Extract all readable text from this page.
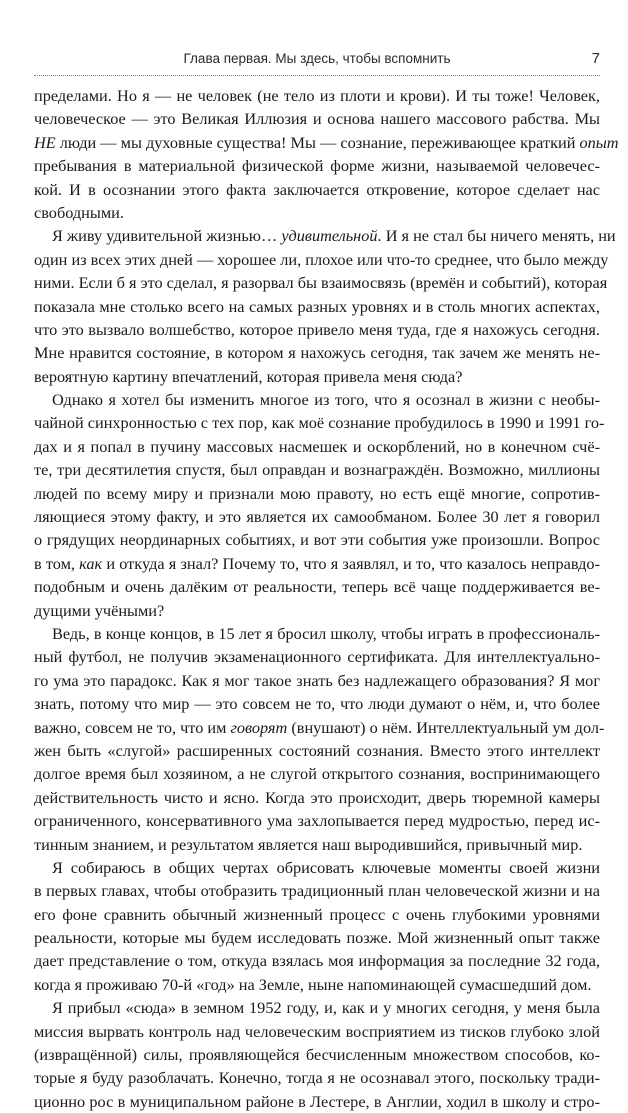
Глава первая. Мы здесь, чтобы вспомнить	7
пределами. Но я — не человек (не тело из плоти и крови). И ты тоже! Человек,
человеческое — это Великая Иллюзия и основа нашего массового рабства. Мы
НЕ люди — мы духовные существа! Мы — сознание, переживающее краткий опыт
пребывания в материальной физической форме жизни, называемой человечес-
кой. И в осознании этого факта заключается откровение, которое сделает нас
свободными.
Я живу удивительной жизнью… удивительной. И я не стал бы ничего менять, ни
один из всех этих дней — хорошее ли, плохое или что-то среднее, что было между
ними. Если б я это сделал, я разорвал бы взаимосвязь (времён и событий), которая
показала мне столько всего на самых разных уровнях и в столь многих аспектах,
что это вызвало волшебство, которое привело меня туда, где я нахожусь сегодня.
Мне нравится состояние, в котором я нахожусь сегодня, так зачем же менять не-
вероятную картину впечатлений, которая привела меня сюда?
Однако я хотел бы изменить многое из того, что я осознал в жизни с необы-
чайной синхронностью с тех пор, как моё сознание пробудилось в 1990 и 1991 го-
дах и я попал в пучину массовых насмешек и оскорблений, но в конечном счё-
те, три десятилетия спустя, был оправдан и вознаграждён. Возможно, миллионы
людей по всему миру и признали мою правоту, но есть ещё многие, сопротив-
ляющиеся этому факту, и это является их самообманом. Более 30 лет я говорил
о грядущих неординарных событиях, и вот эти события уже произошли. Вопрос
в том, как и откуда я знал? Почему то, что я заявлял, и то, что казалось неправдо-
подобным и очень далёким от реальности, теперь всё чаще поддерживается ве-
дущими учёными?
Ведь, в конце концов, в 15 лет я бросил школу, чтобы играть в профессиональ-
ный футбол, не получив экзаменационного сертификата. Для интеллектуально-
го ума это парадокс. Как я мог такое знать без надлежащего образования? Я мог
знать, потому что мир — это совсем не то, что люди думают о нём, и, что более
важно, совсем не то, что им говорят (внушают) о нём. Интеллектуальный ум дол-
жен быть «слугой» расширенных состояний сознания. Вместо этого интеллект
долгое время был хозяином, а не слугой открытого сознания, воспринимающего
действительность чисто и ясно. Когда это происходит, дверь тюремной камеры
ограниченного, консервативного ума захлопывается перед мудростью, перед ис-
тинным знанием, и результатом является наш выродившийся, привычный мир.
Я собираюсь в общих чертах обрисовать ключевые моменты своей жизни
в первых главах, чтобы отобразить традиционный план человеческой жизни и на
его фоне сравнить обычный жизненный процесс с очень глубокими уровнями
реальности, которые мы будем исследовать позже. Мой жизненный опыт также
дает представление о том, откуда взялась моя информация за последние 32 года,
когда я проживаю 70-й «год» на Земле, ныне напоминающей сумасшедший дом.
Я прибыл «сюда» в земном 1952 году, и, как и у многих сегодня, у меня была
миссия вырвать контроль над человеческим восприятием из тисков глубоко злой
(извращённой) силы, проявляющейся бесчисленным множеством способов, ко-
торые я буду разоблачать. Конечно, тогда я не осознавал этого, поскольку тради-
ционно рос в муниципальном районе в Лестере, в Англии, ходил в школу и стро-
